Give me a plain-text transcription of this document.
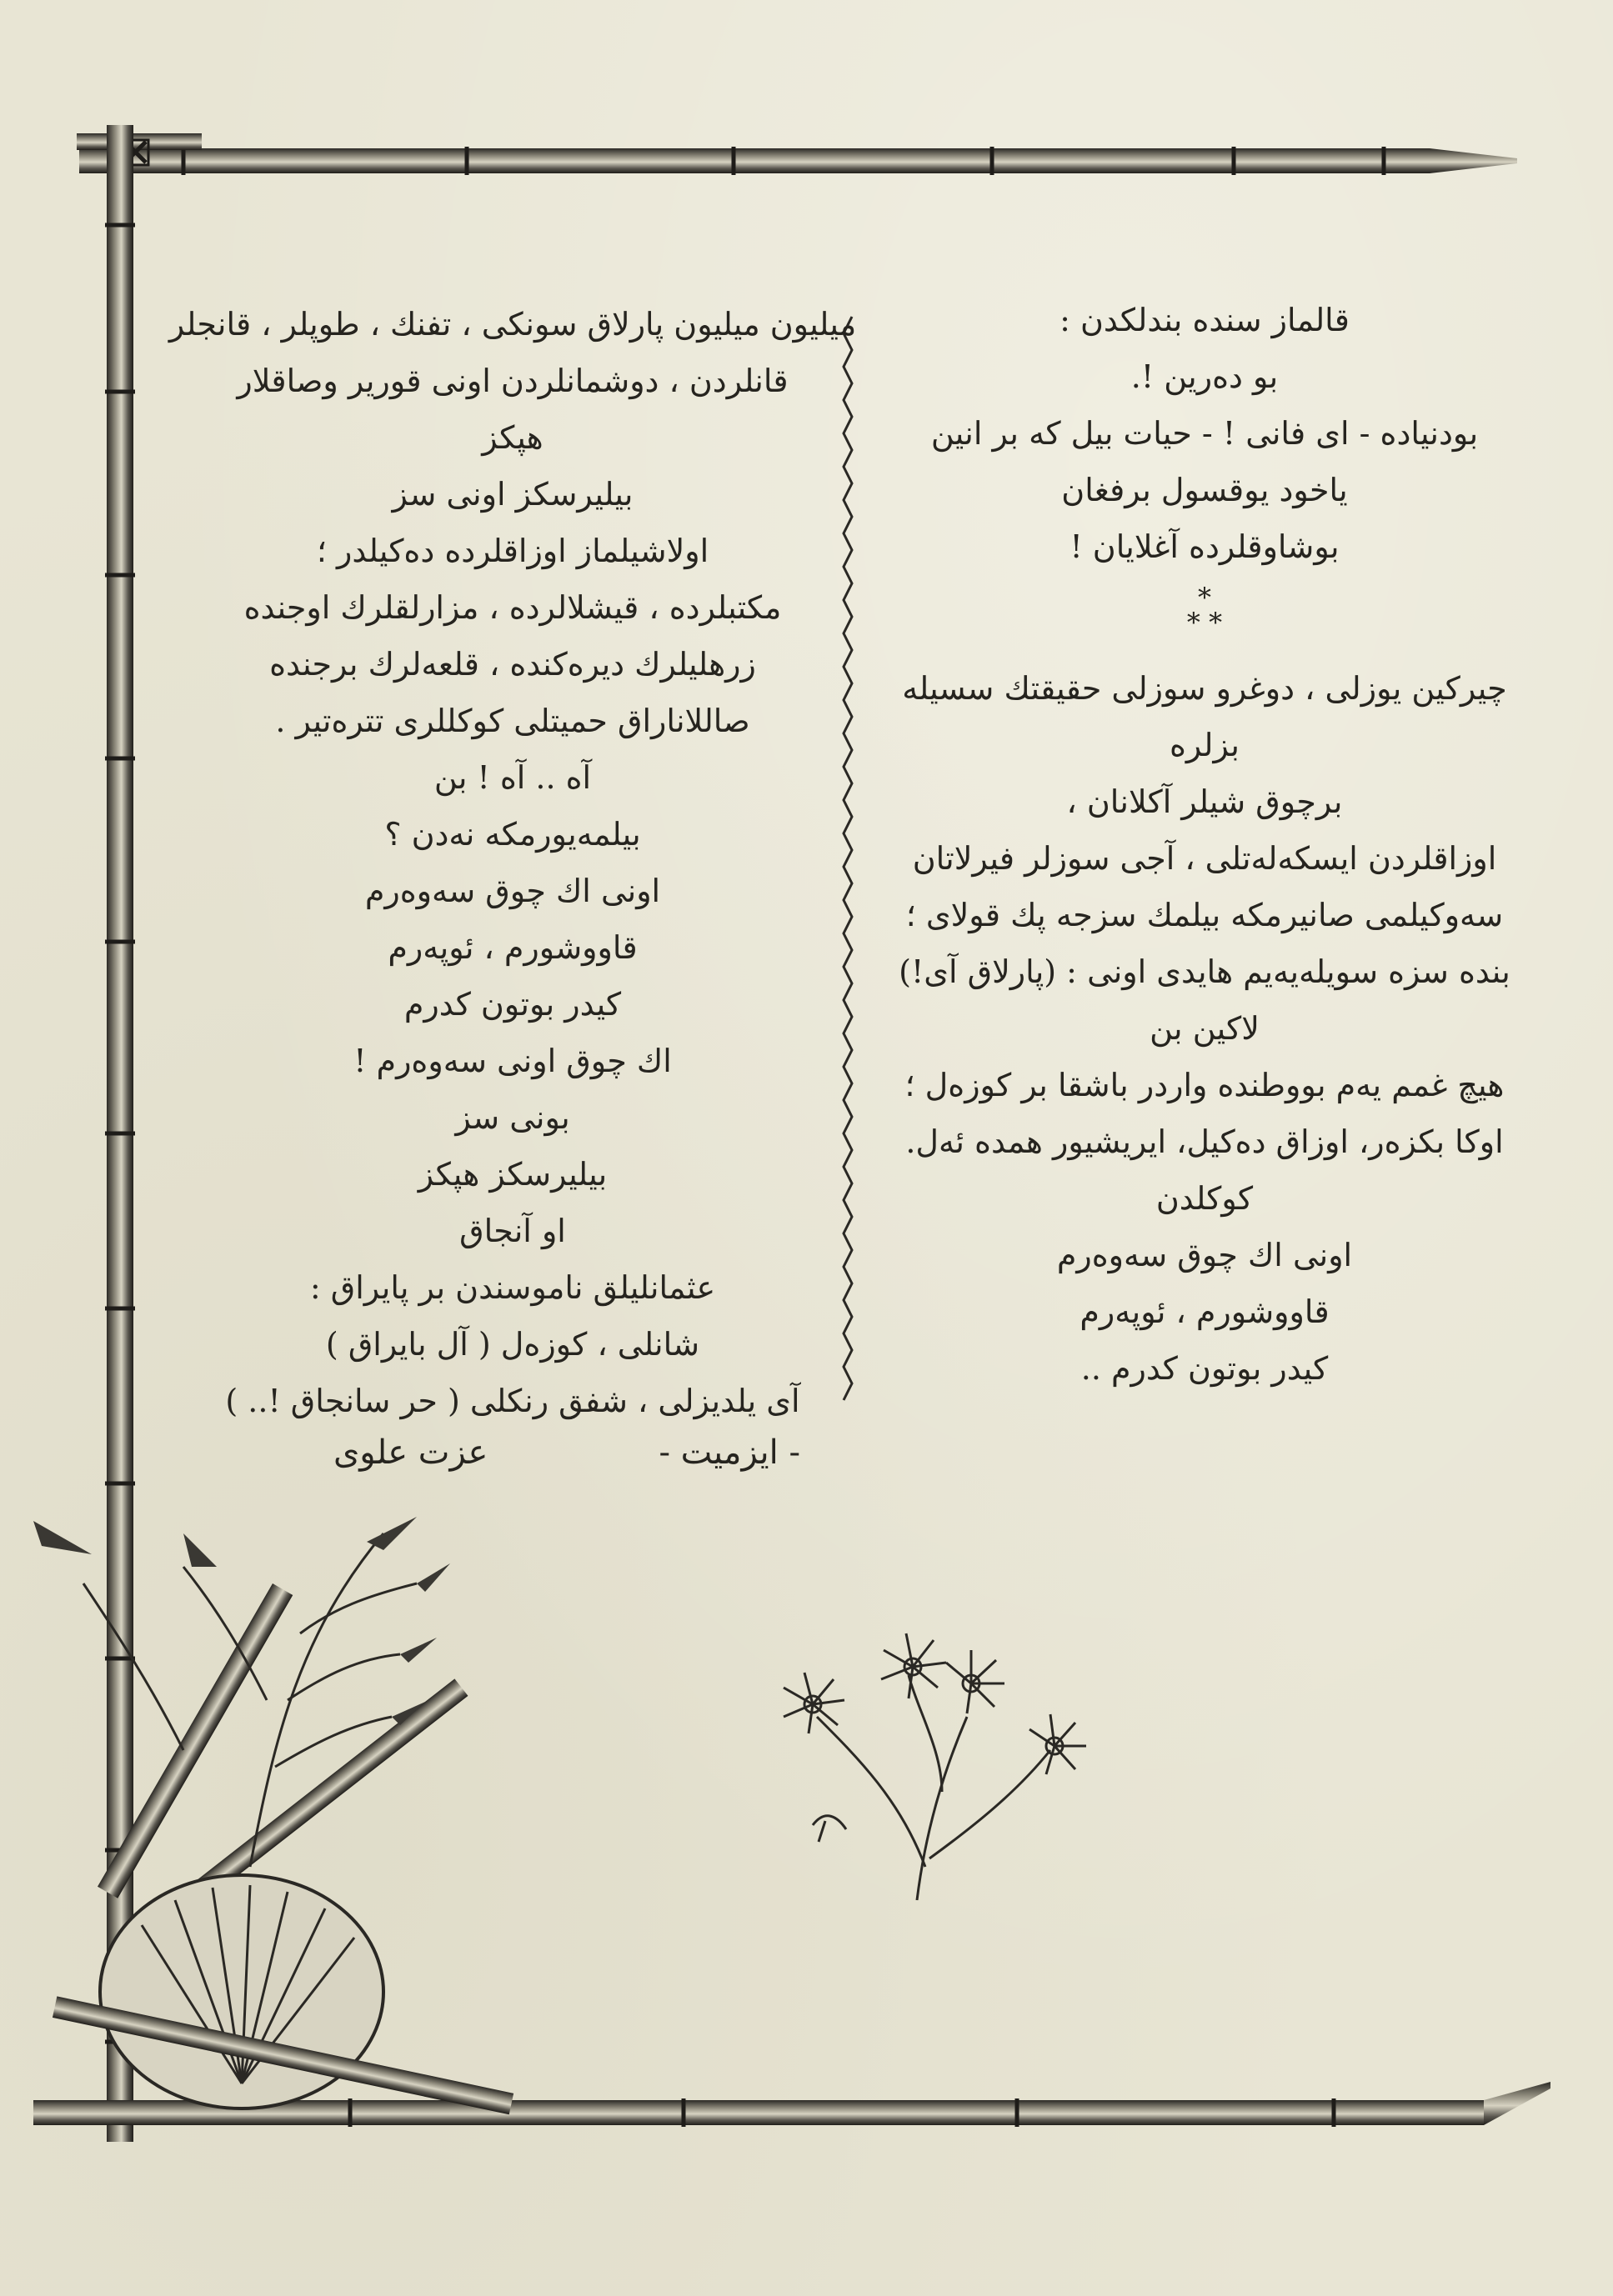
قالماز سنده بندلكدن :
بو دەرين !.
بودنياده - اى فانى ! - حيات بيل كه بر انين
ياخود يوقسول برفغان
بوشاوقلرده آغلايان !
*
* *
چيركين يوزلى ، دوغرو سوزلى حقيقتك سسيله
بزلره
برچوق شيلر آكلانان ،
اوزاقلردن ايسكەلەتلى ، آجى سوزلر فيرلاتان
سەوكيلمى صانيرمكه بيلمك سزجه پك قولاى ؛
بنده سزه سويلەيەيم هايدى اونى : (پارلاق آى!)
لاكين بن
هيچ غمم يەم بووطنده واردر باشقا بر كوزەل ؛
اوكا بكزەر، اوزاق دەكيل، ايريشيور همدە ئەل.
كوكلدن
اونى اك چوق سەوەرم
قاووشورم ، ئوپەرم
كيدر بوتون كدرم ..
ميليون ميليون پارلاق سونكى ، تفنك ، طوپلر ، قانجلر
قانلردن ، دوشمانلردن اونى قورير وصاقلار
هپكز
بيليرسكز اونى سز
اولاشيلماز اوزاقلرده دەكيلدر ؛
مكتبلرده ، قيشلالرده ، مزارلقلرك اوجنده
زرهليلرك ديرەكنده ، قلعەلرك برجنده
صاللاناراق حميتلى كوكللرى تترەتير .
آه .. آه ! بن
بيلمەيورمكه نەدن ؟
اونى اك چوق سەوەرم
قاووشورم ، ئوپەرم
كيدر بوتون كدرم
اك چوق اونى سەوەرم !
بونى سز
بيليرسكز هپكز
او آنجاق
عثمانليلق ناموسندن بر پايراق :
شانلى ، كوزەل ( آل بايراق )
آى يلديزلى ، شفق رنكلى ( حر سانجاق !.. )
- ايزميت -
عزت علوى
